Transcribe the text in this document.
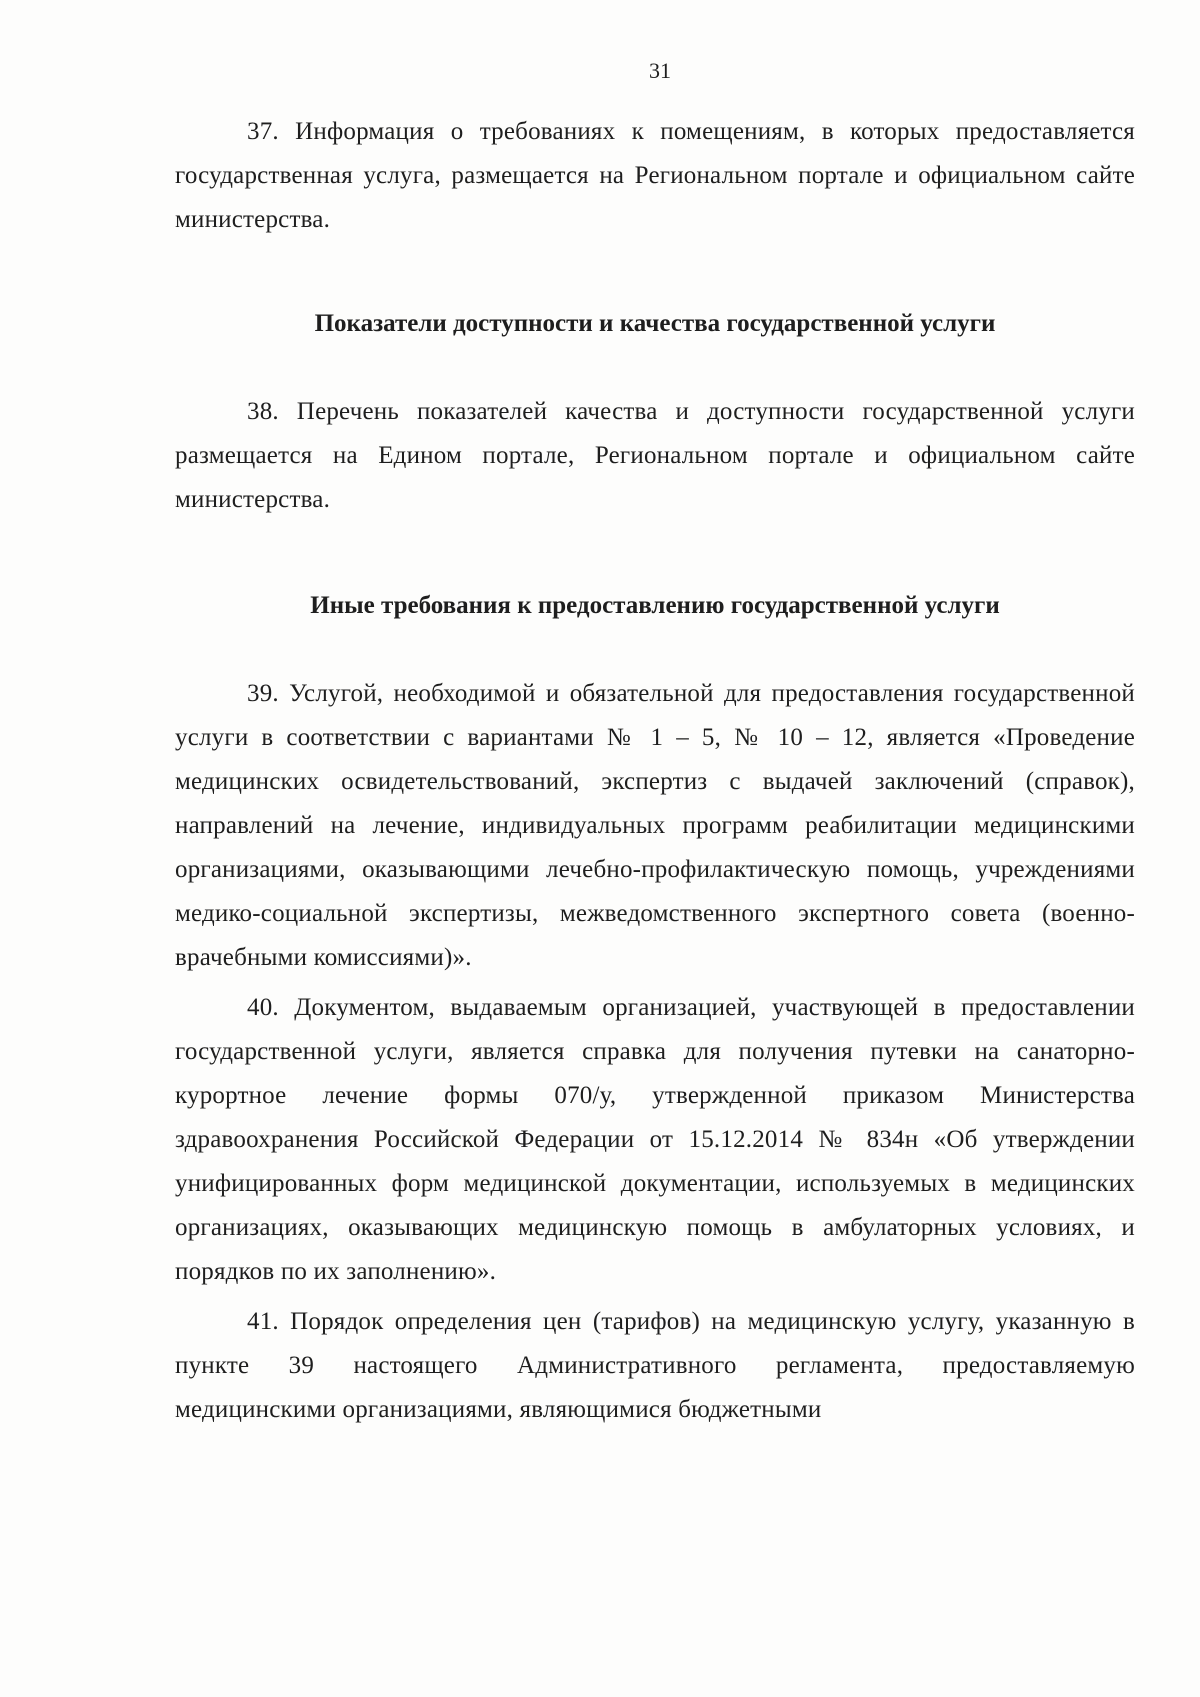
31

37. Информация о требованиях к помещениям, в которых предоставляется государственная услуга, размещается на Региональном портале и официальном сайте министерства.

Показатели доступности и качества государственной услуги

38. Перечень показателей качества и доступности государственной услуги размещается на Едином портале, Региональном портале и официальном сайте министерства.

Иные требования к предоставлению государственной услуги

39. Услугой, необходимой и обязательной для предоставления государственной услуги в соответствии с вариантами № 1 – 5, № 10 – 12, является «Проведение медицинских освидетельствований, экспертиз с выдачей заключений (справок), направлений на лечение, индивидуальных программ реабилитации медицинскими организациями, оказывающими лечебно-профилактическую помощь, учреждениями медико-социальной экспертизы, межведомственного экспертного совета (военно-врачебными комиссиями)».

40. Документом, выдаваемым организацией, участвующей в предоставлении государственной услуги, является справка для получения путевки на санаторно-курортное лечение формы 070/у, утвержденной приказом Министерства здравоохранения Российской Федерации от 15.12.2014 № 834н «Об утверждении унифицированных форм медицинской документации, используемых в медицинских организациях, оказывающих медицинскую помощь в амбулаторных условиях, и порядков по их заполнению».

41. Порядок определения цен (тарифов) на медицинскую услугу, указанную в пункте 39 настоящего Административного регламента, предоставляемую медицинскими организациями, являющимися бюджетными
